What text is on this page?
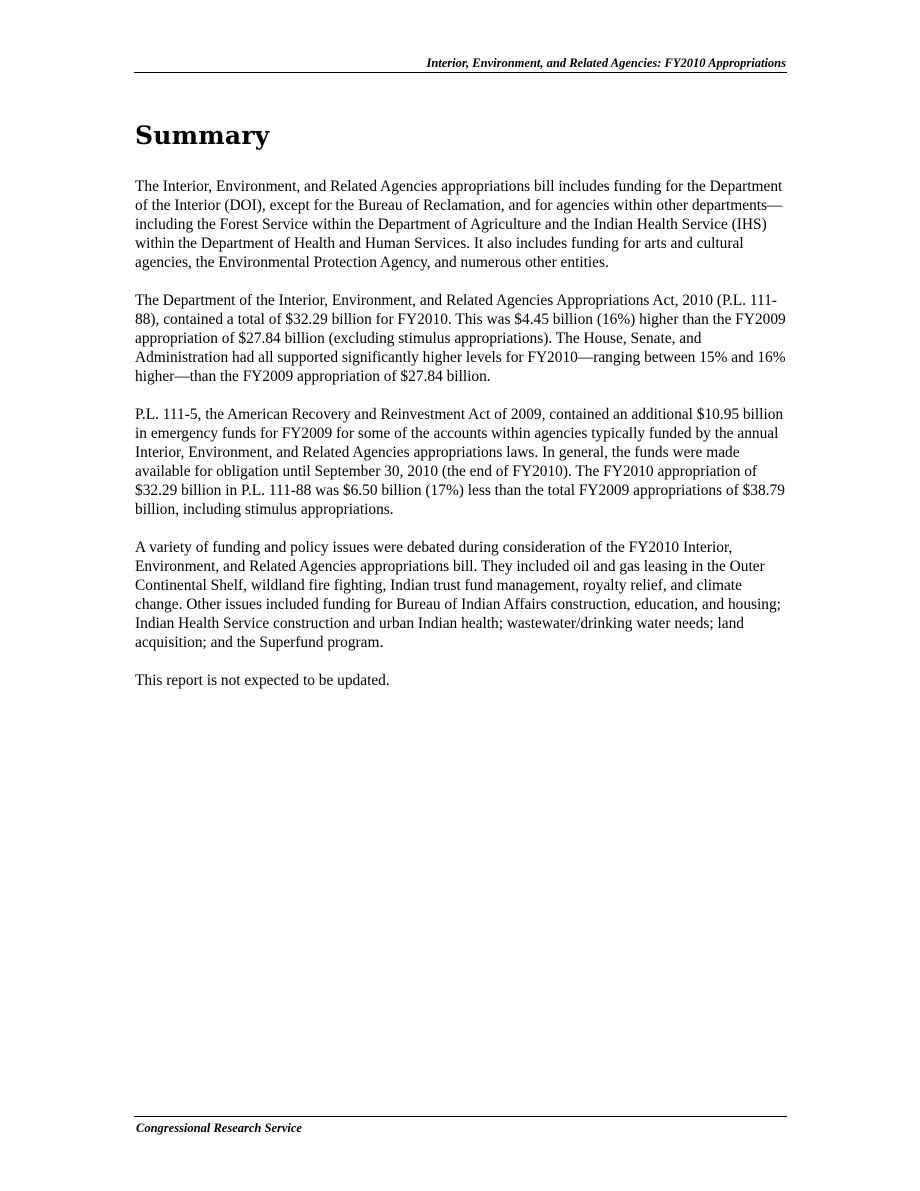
Interior, Environment, and Related Agencies: FY2010 Appropriations
Summary

The Interior, Environment, and Related Agencies appropriations bill includes funding for the Department of the Interior (DOI), except for the Bureau of Reclamation, and for agencies within other departments—including the Forest Service within the Department of Agriculture and the Indian Health Service (IHS) within the Department of Health and Human Services. It also includes funding for arts and cultural agencies, the Environmental Protection Agency, and numerous other entities.

The Department of the Interior, Environment, and Related Agencies Appropriations Act, 2010 (P.L. 111-88), contained a total of $32.29 billion for FY2010. This was $4.45 billion (16%) higher than the FY2009 appropriation of $27.84 billion (excluding stimulus appropriations). The House, Senate, and Administration had all supported significantly higher levels for FY2010—ranging between 15% and 16% higher—than the FY2009 appropriation of $27.84 billion.

P.L. 111-5, the American Recovery and Reinvestment Act of 2009, contained an additional $10.95 billion in emergency funds for FY2009 for some of the accounts within agencies typically funded by the annual Interior, Environment, and Related Agencies appropriations laws. In general, the funds were made available for obligation until September 30, 2010 (the end of FY2010). The FY2010 appropriation of $32.29 billion in P.L. 111-88 was $6.50 billion (17%) less than the total FY2009 appropriations of $38.79 billion, including stimulus appropriations.

A variety of funding and policy issues were debated during consideration of the FY2010 Interior, Environment, and Related Agencies appropriations bill. They included oil and gas leasing in the Outer Continental Shelf, wildland fire fighting, Indian trust fund management, royalty relief, and climate change. Other issues included funding for Bureau of Indian Affairs construction, education, and housing; Indian Health Service construction and urban Indian health; wastewater/drinking water needs; land acquisition; and the Superfund program.

This report is not expected to be updated.

Congressional Research Service
